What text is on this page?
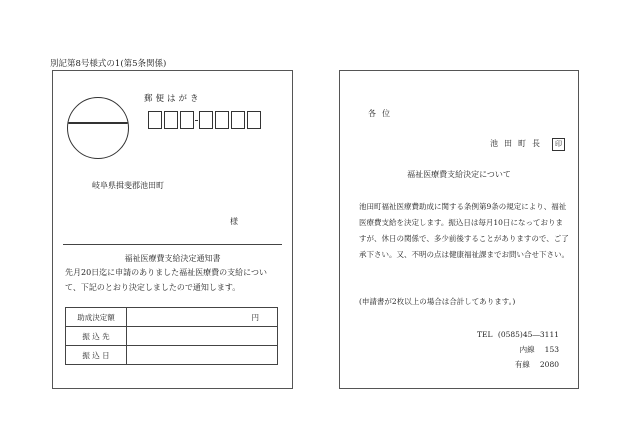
別記第8号様式の1(第5条関係)
郵便はがき
岐阜県揖斐郡池田町
様
福祉医療費支給決定通知書
先月20日迄に申請のありました福祉医療費の支給について、下記のとおり決定しましたので通知します。
助成決定額	円
振 込 先	
振 込 日	
各位
池田町長	印
福祉医療費支給決定について
池田町福祉医療費助成に関する条例第9条の規定により、福祉医療費支給を決定します。振込日は毎月10日になっておりますが、休日の関係で、多少前後することがありますので、ご了承下さい。又、不明の点は健康福祉課までお問い合せ下さい。
(申請書が2枚以上の場合は合計してあります。)
TEL (0585)45―3111
内線 153
有線 2080
